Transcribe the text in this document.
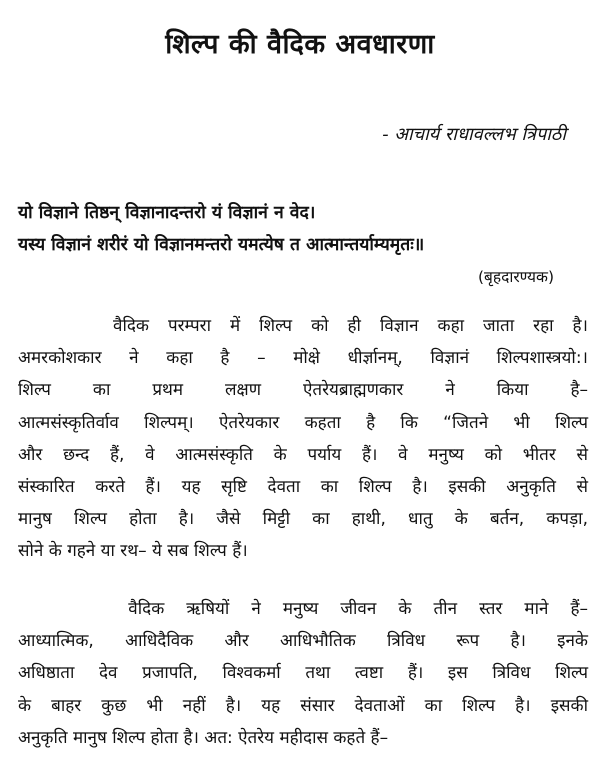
शिल्प की वैदिक अवधारणा
- आचार्य राधावल्लभ त्रिपाठी
यो विज्ञाने तिष्ठन् विज्ञानादन्तरो यं विज्ञानं न वेद।
यस्य विज्ञानं शरीरं यो विज्ञानमन्तरो यमत्येष त आत्मान्तर्याम्यमृतः॥
(बृहदारण्यक)
वैदिक परम्परा में शिल्प को ही विज्ञान कहा जाता रहा है।
अमरकोशकार ने कहा है – मोक्षे धीर्ज्ञानम्, विज्ञानं शिल्पशास्त्रयो:।
शिल्प का प्रथम लक्षण ऐतरेयब्राह्मणकार ने किया है–
आत्मसंस्कृतिर्वाव शिल्पम्। ऐतरेयकार कहता है कि “जितने भी शिल्प
और छन्द हैं, वे आत्मसंस्कृति के पर्याय हैं। वे मनुष्य को भीतर से
संस्कारित करते हैं। यह सृष्टि देवता का शिल्प है। इसकी अनुकृति से
मानुष शिल्प होता है। जैसे मिट्टी का हाथी, धातु के बर्तन, कपड़ा,
सोने के गहने या रथ– ये सब शिल्प हैं।
वैदिक ऋषियों ने मनुष्य जीवन के तीन स्तर माने हैं–
आध्यात्मिक, आधिदैविक और आधिभौतिक त्रिविध रूप है। इनके
अधिष्ठाता देव प्रजापति, विश्वकर्मा तथा त्वष्टा हैं। इस त्रिविध शिल्प
के बाहर कुछ भी नहीं है। यह संसार देवताओं का शिल्प है। इसकी
अनुकृति मानुष शिल्प होता है। अत: ऐतरेय महीदास कहते हैं–
